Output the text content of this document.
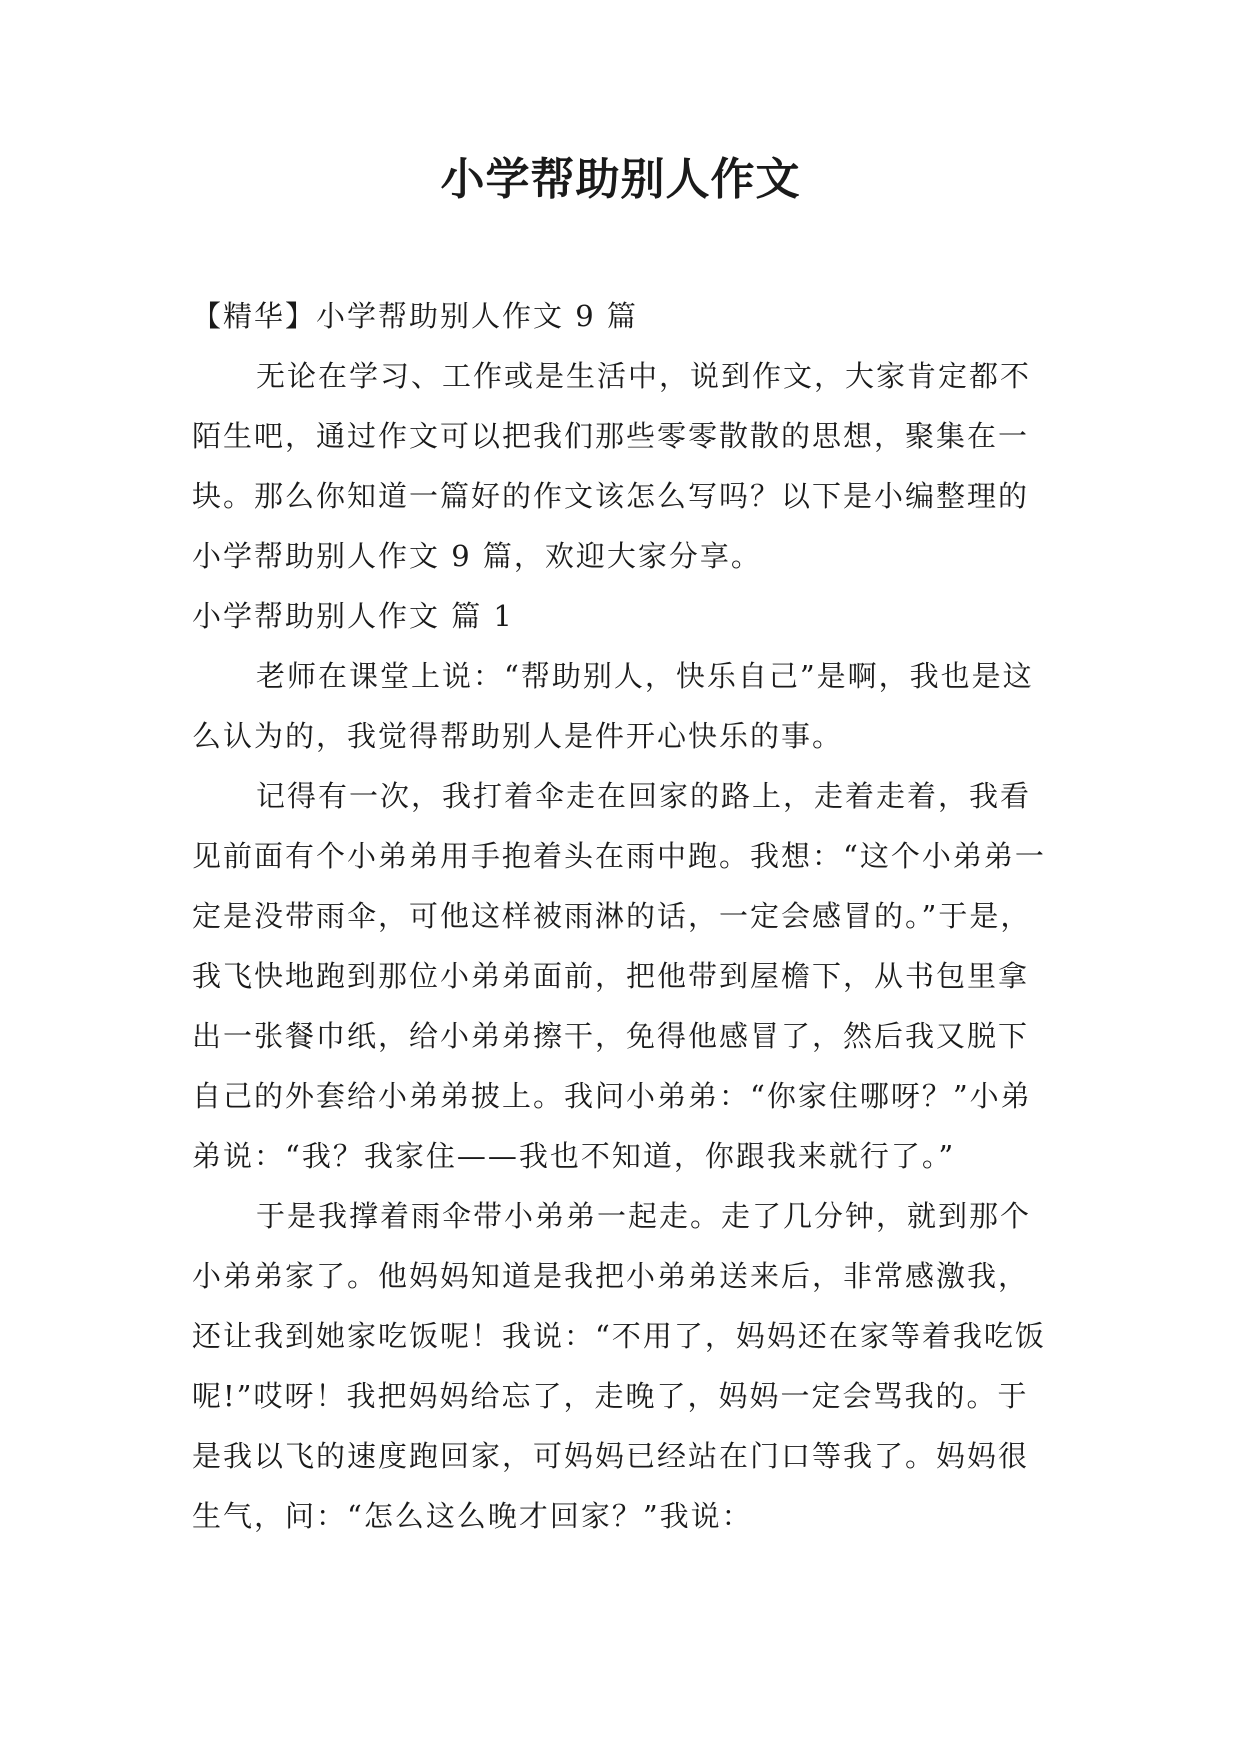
小学帮助别人作文

【精华】小学帮助别人作文 9 篇

无论在学习、工作或是生活中，说到作文，大家肯定都不陌生吧，通过作文可以把我们那些零零散散的思想，聚集在一块。那么你知道一篇好的作文该怎么写吗？以下是小编整理的小学帮助别人作文 9 篇，欢迎大家分享。

小学帮助别人作文 篇 1

老师在课堂上说：“帮助别人，快乐自己”是啊，我也是这么认为的，我觉得帮助别人是件开心快乐的事。

记得有一次，我打着伞走在回家的路上，走着走着，我看见前面有个小弟弟用手抱着头在雨中跑。我想：“这个小弟弟一定是没带雨伞，可他这样被雨淋的话，一定会感冒的。”于是，我飞快地跑到那位小弟弟面前，把他带到屋檐下，从书包里拿出一张餐巾纸，给小弟弟擦干，免得他感冒了，然后我又脱下自己的外套给小弟弟披上。我问小弟弟：“你家住哪呀？”小弟弟说：“我？我家住——我也不知道，你跟我来就行了。”

于是我撑着雨伞带小弟弟一起走。走了几分钟，就到那个小弟弟家了。他妈妈知道是我把小弟弟送来后，非常感激我，还让我到她家吃饭呢！我说：“不用了，妈妈还在家等着我吃饭呢!”哎呀！我把妈妈给忘了，走晚了，妈妈一定会骂我的。于是我以飞的速度跑回家，可妈妈已经站在门口等我了。妈妈很生气，问：“怎么这么晚才回家？”我说：
